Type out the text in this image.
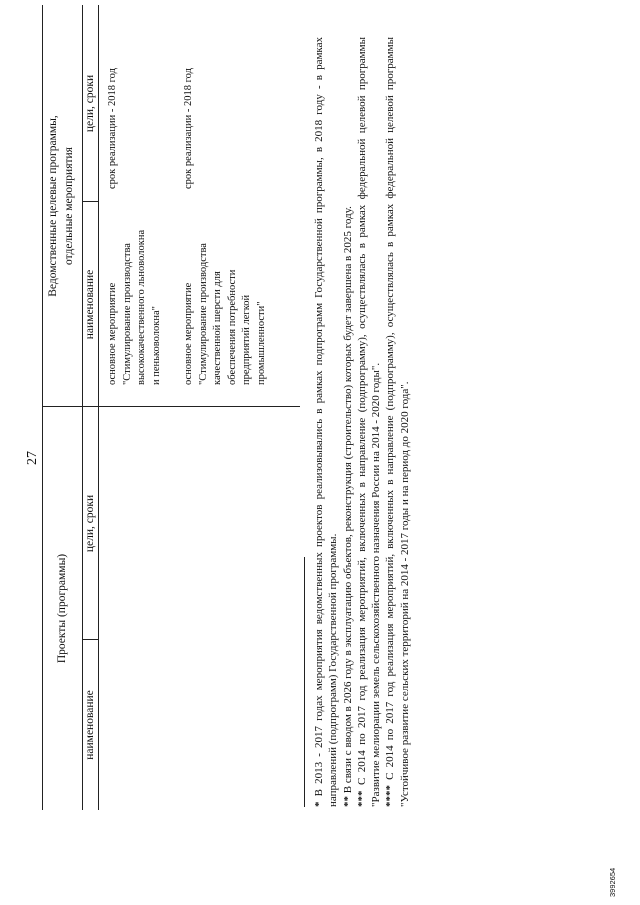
27
Проекты (программы)
Ведомственные целевые программы, отдельные мероприятия
наименование
цели, сроки
наименование
цели, сроки
основное мероприятие
"Стимулирование производства
высококачественного льноволокна
и пеньковолокна"
срок реализации - 2018 год
основное мероприятие
"Стимулирование производства
качественной шерсти для
обеспечения потребности
предприятий легкой
промышленности"
срок реализации - 2018 год

* В 2013 - 2017 годах мероприятия ведомственных проектов реализовывались в рамках подпрограмм Государственной программы, в 2018 году - в рамках направлений (подпрограмм) Государственной программы. ** В связи с вводом в 2026 году в эксплуатацию объектов, реконструкция (строительство) которых будет завершена в 2025 году.

*** С 2014 по 2017 год реализация мероприятий, включенных в направление (подпрограмму), осуществлялась в рамках федеральной целевой программы "Развитие мелиорации земель сельскохозяйственного назначения России на 2014 - 2020 годы". **** С 2014 по 2017 год реализация мероприятий, включенных в направление (подпрограмму), осуществлялась в рамках федеральной целевой программы "Устойчивое развитие сельских территорий на 2014 - 2017 годы и на период до 2020 года".

3992654
